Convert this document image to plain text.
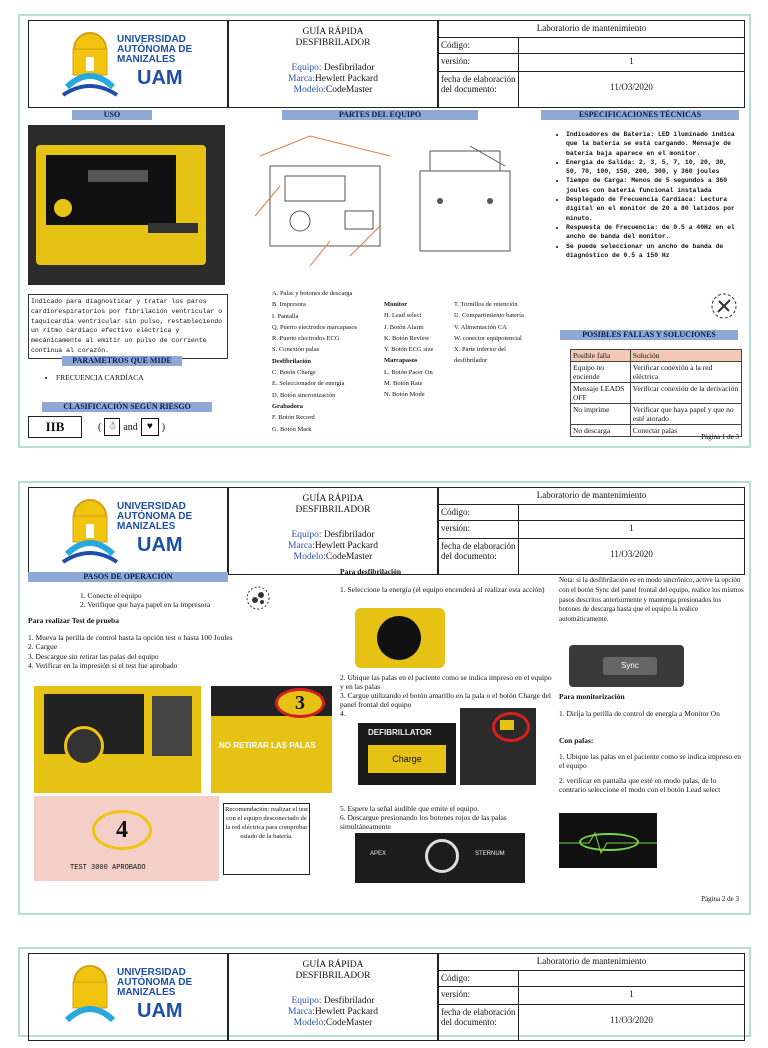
UNIVERSIDAD
AUTÓNOMA DE
MANIZALES
UAM
GUÍA RÁPIDA
DESFIBRILADOR
Equipo: Desfibrilador
Marca:Hewlett Packard
Modelo:CodeMaster
Laboratorio de mantenimiento
Código:
versión:	1
fecha de elaboración del documento:	11/O3/2020
USO	PARTES DEL EQUIPO	ESPECIFICACIONES TÉCNICAS
Indicado para diagnosticar y tratar los paros cardiorespiratorios por fibrilación ventricular o taquicardia ventricular sin pulso, restableciendo un ritmo cardiaco efectivo eléctrica y mecánicamente al emitir un pulso de corriente continua al corazón.
PARAMETROS QUE MIDE
• FRECUENCIA CARDÍACA
CLASIFICACIÓN SEGÚN RIESGO
IIB	( ☃ and ♥ )
A. Palas y botones de descarga
B. Impresora
I. Pantalla
Q. Puerto electrodos marcapasos
R. Puerto electrodos ECG
S. Conexión palas
Desfibrilación
C. Botón Charge
E. Seleccionador de energía
D. Botón sincronización
Grabadora
F. Botón Record
G. Botón Mark
Monitor
H. Lead select
J. Botón Alarm
K. Botón Review
Y. Botón ECG size
Marcapasos
L. Botón Pacer On
M. Botón Rate
N. Botón Mode
T. Tornillos de retención
U. Compartimiento batería
V. Alimentación CA
W. conector equipotencial
X. Parte inferior del desfibrilador
• Indicadores de Batería: LED iluminado indica que la batería se está cargando. Mensaje de batería baja aparece en el monitor.
• Energía de Salida: 2, 3, 5, 7, 10, 20, 30, 50, 70, 100, 150, 200, 300, y 360 joules
• Tiempo de Carga: Menos de 5 segundos a 360 joules con batería funcional instalada
• Desplegado de Frecuencia Cardíaca: Lectura digital en el monitor de 20 a 80 latidos por minuto.
• Respuesta de Frecuencia: de 0.5 a 40Hz en el ancho de banda del monitor.
• Se puede seleccionar un ancho de banda de diagnóstico de 0.5 a 150 Hz
POSIBLES FALLAS Y SOLUCIONES
Posible falla	Solución
Equipo no enciende	Verificar conexión a la red eléctrica
Mensaje LEADS OFF	Verificar conexión de la derivación
No imprime	Verificar que haya papel y que no esté atorado
No descarga	Conectar palas
Página 1 de 3
UNIVERSIDAD
AUTÓNOMA DE
MANIZALES
UAM
GUÍA RÁPIDA
DESFIBRILADOR
Equipo: Desfibrilador
Marca:Hewlett Packard
Modelo:CodeMaster
Laboratorio de mantenimiento
Código:
versión:	1
fecha de elaboración del documento:	11/O3/2020
PASOS DE OPERACIÓN
1. Conecte el equipo
2. Verifique que haya papel en la impresora
Para realizar Test de prueba
1. Mueva la perilla de control hasta la opción test o hasta 100 Joules
2. Cargue
3. Descargue sin retirar las palas del equipo
4. Verificar en la impresión si el test fue aprobado
3
NO RETIRAR LAS PALAS
4
TEST 3000 APROBADO
Recomendación: realizar el test con el equipo desconectado de la red eléctrica para comprobar estado de la batería.
Para desfibrilación
1. Seleccione la energía (el equipo encenderá al realizar esta acción)
2. Ubique las palas en el paciente como se indica impreso en el equipo y en las palas
3. Cargue utilizando el botón amarillo en la pala o el botón Charge del panel frontal del equipo
4.
DEFIBRILLATOR
Charge
5. Espere la señal audible que emite el equipo.
6. Descargue presionando los botones rojos de las palas simultáneamente
APEX	STERNUM
Nota: si la desfibrilación es en modo sincrónico, active la opción con el botón Sync del panel frontal del equipo, realice los mismos pasos descritos anteriormente y mantenga presionados los botones de descarga hasta que el equipo la realice automáticamente.
Sync
Para monitorización
1. Dirija la perilla de control de energía a Monitor On
Con palas:
1. Ubique las palas en el paciente como se indica impreso en el equipo
2. verificar en pantalla que esté en modo palas, de lo contrario seleccione el modo con el botón Lead select
Página 2 de 3
UNIVERSIDAD
AUTÓNOMA DE
MANIZALES
UAM
GUÍA RÁPIDA
DESFIBRILADOR
Equipo: Desfibrilador
Marca:Hewlett Packard
Modelo:CodeMaster
Laboratorio de mantenimiento
Código:
versión:	1
fecha de elaboración del documento:	11/O3/2020
